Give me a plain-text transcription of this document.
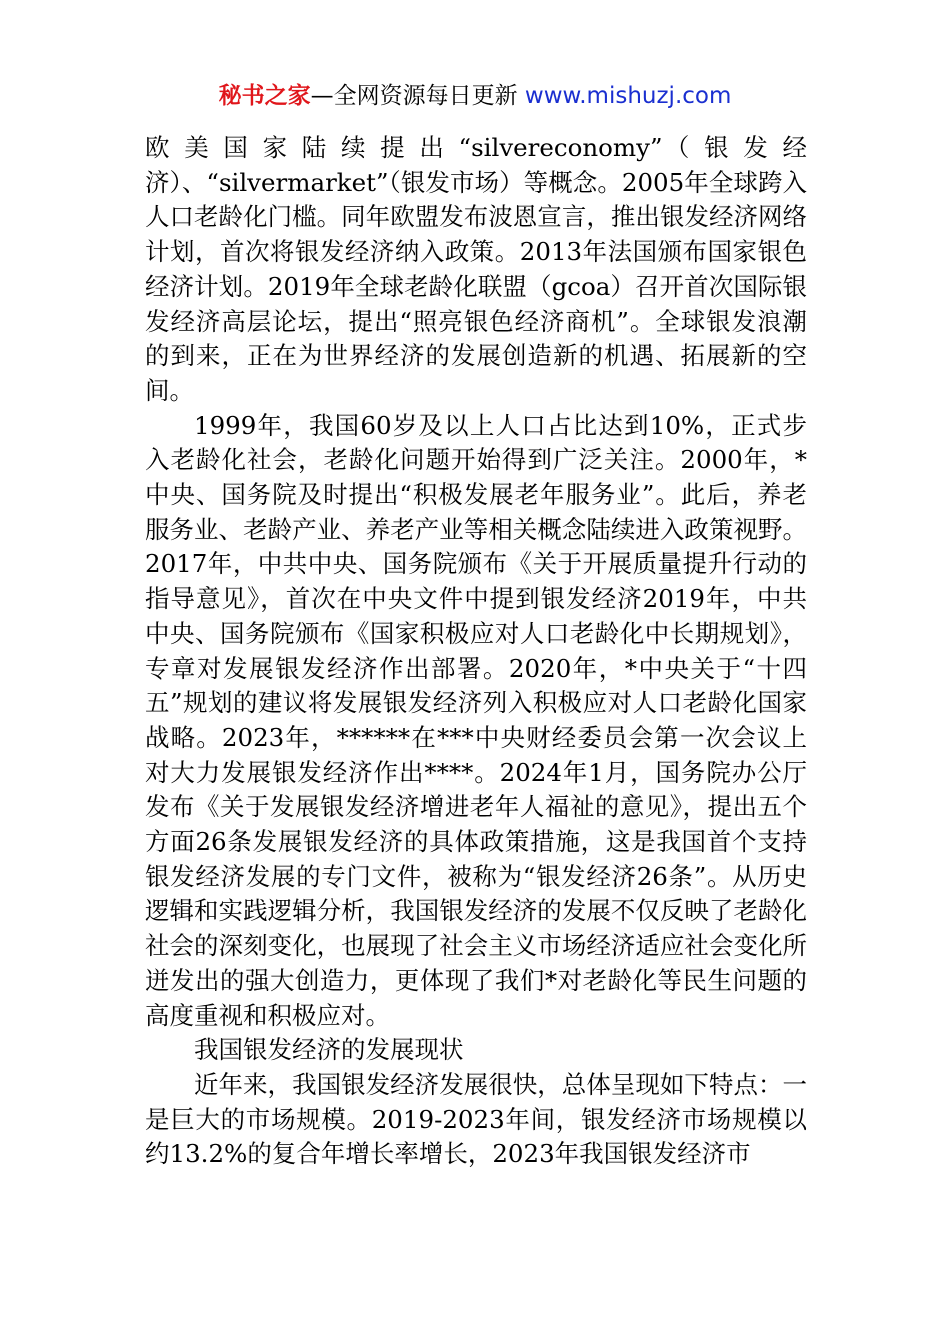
秘书之家—全网资源每日更新 www.mishuzj.com

欧美国家陆续提出“silvereconomy”（银发经济）、“silvermarket”（银发市场）等概念。2005年全球跨入人口老龄化门槛。同年欧盟发布波恩宣言，推出银发经济网络计划，首次将银发经济纳入政策。2013年法国颁布国家银色经济计划。2019年全球老龄化联盟（gcoa）召开首次国际银发经济高层论坛，提出“照亮银色经济商机”。全球银发浪潮的到来，正在为世界经济的发展创造新的机遇、拓展新的空间。

1999年，我国60岁及以上人口占比达到10%，正式步入老龄化社会，老龄化问题开始得到广泛关注。2000年，*中央、国务院及时提出“积极发展老年服务业”。此后，养老服务业、老龄产业、养老产业等相关概念陆续进入政策视野。2017年，中共中央、国务院颁布《关于开展质量提升行动的指导意见》，首次在中央文件中提到银发经济2019年，中共中央、国务院颁布《国家积极应对人口老龄化中长期规划》，专章对发展银发经济作出部署。2020年，*中央关于“十四五”规划的建议将发展银发经济列入积极应对人口老龄化国家战略。2023年，******在***中央财经委员会第一次会议上对大力发展银发经济作出****。2024年1月，国务院办公厅发布《关于发展银发经济增进老年人福祉的意见》，提出五个方面26条发展银发经济的具体政策措施，这是我国首个支持银发经济发展的专门文件，被称为“银发经济26条”。从历史逻辑和实践逻辑分析，我国银发经济的发展不仅反映了老龄化社会的深刻变化，也展现了社会主义市场经济适应社会变化所迸发出的强大创造力，更体现了我们*对老龄化等民生问题的高度重视和积极应对。

我国银发经济的发展现状

近年来，我国银发经济发展很快，总体呈现如下特点：一是巨大的市场规模。2019-2023年间，银发经济市场规模以约13.2%的复合年增长率增长，2023年我国银发经济市
